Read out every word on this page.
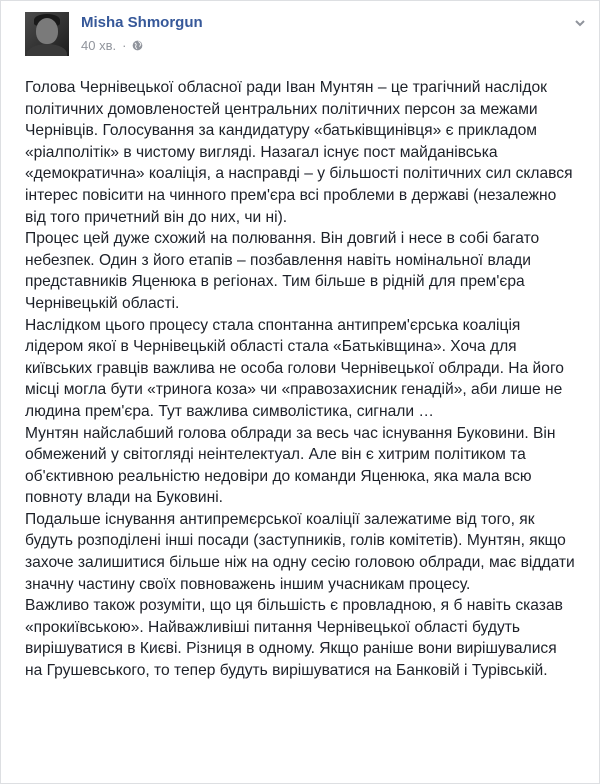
Misha Shmorgun
40 хв. ·

Голова Чернівецької обласної ради Іван Мунтян – це трагічний наслідок політичних домовленостей центральних політичних персон за межами Чернівців. Голосування за кандидатуру «батьківщинівця» є прикладом «ріалполітік» в чистому вигляді. Назагал існує пост майданівська «демократична» коаліція, а насправді – у більшості політичних сил склався інтерес повісити на чинного прем'єра всі проблеми в державі (незалежно від того причетний він до них, чи ні).

Процес цей дуже схожий на полювання. Він довгий і несе в собі багато небезпек. Один з його етапів – позбавлення навіть номінальної влади представників Яценюка в регіонах. Тим більше в рідній для прем'єра Чернівецькій області.

Наслідком цього процесу стала спонтанна антипрем'єрська коаліція лідером якої в Чернівецькій області стала «Батьківщина». Хоча для київських гравців важлива не особа голови Чернівецької облради. На його місці могла бути «тринога коза» чи «правозахисник генадій», аби лише не людина прем'єра. Тут важлива символістика, сигнали …

Мунтян найслабший голова облради за весь час існування Буковини. Він обмежений у світогляді неінтелектуал. Але він є хитрим політиком та об'єктивною реальністю недовіри до команди Яценюка, яка мала всю повноту влади на Буковині.

Подальше існування антипремєрської коаліції залежатиме від того, як будуть розподілені інші посади (заступників, голів комітетів). Мунтян, якщо захоче залишитися більше ніж на одну сесію головою облради, має віддати значну частину своїх повноважень іншим учасникам процесу.

Важливо також розуміти, що ця більшість є провладною, я б навіть сказав «прокиївською». Найважливіші питання Чернівецької області будуть вирішуватися в Києві. Різниця в одному. Якщо раніше вони вирішувалися на Грушевського, то тепер будуть вирішуватися на Банковій і Турівській.
